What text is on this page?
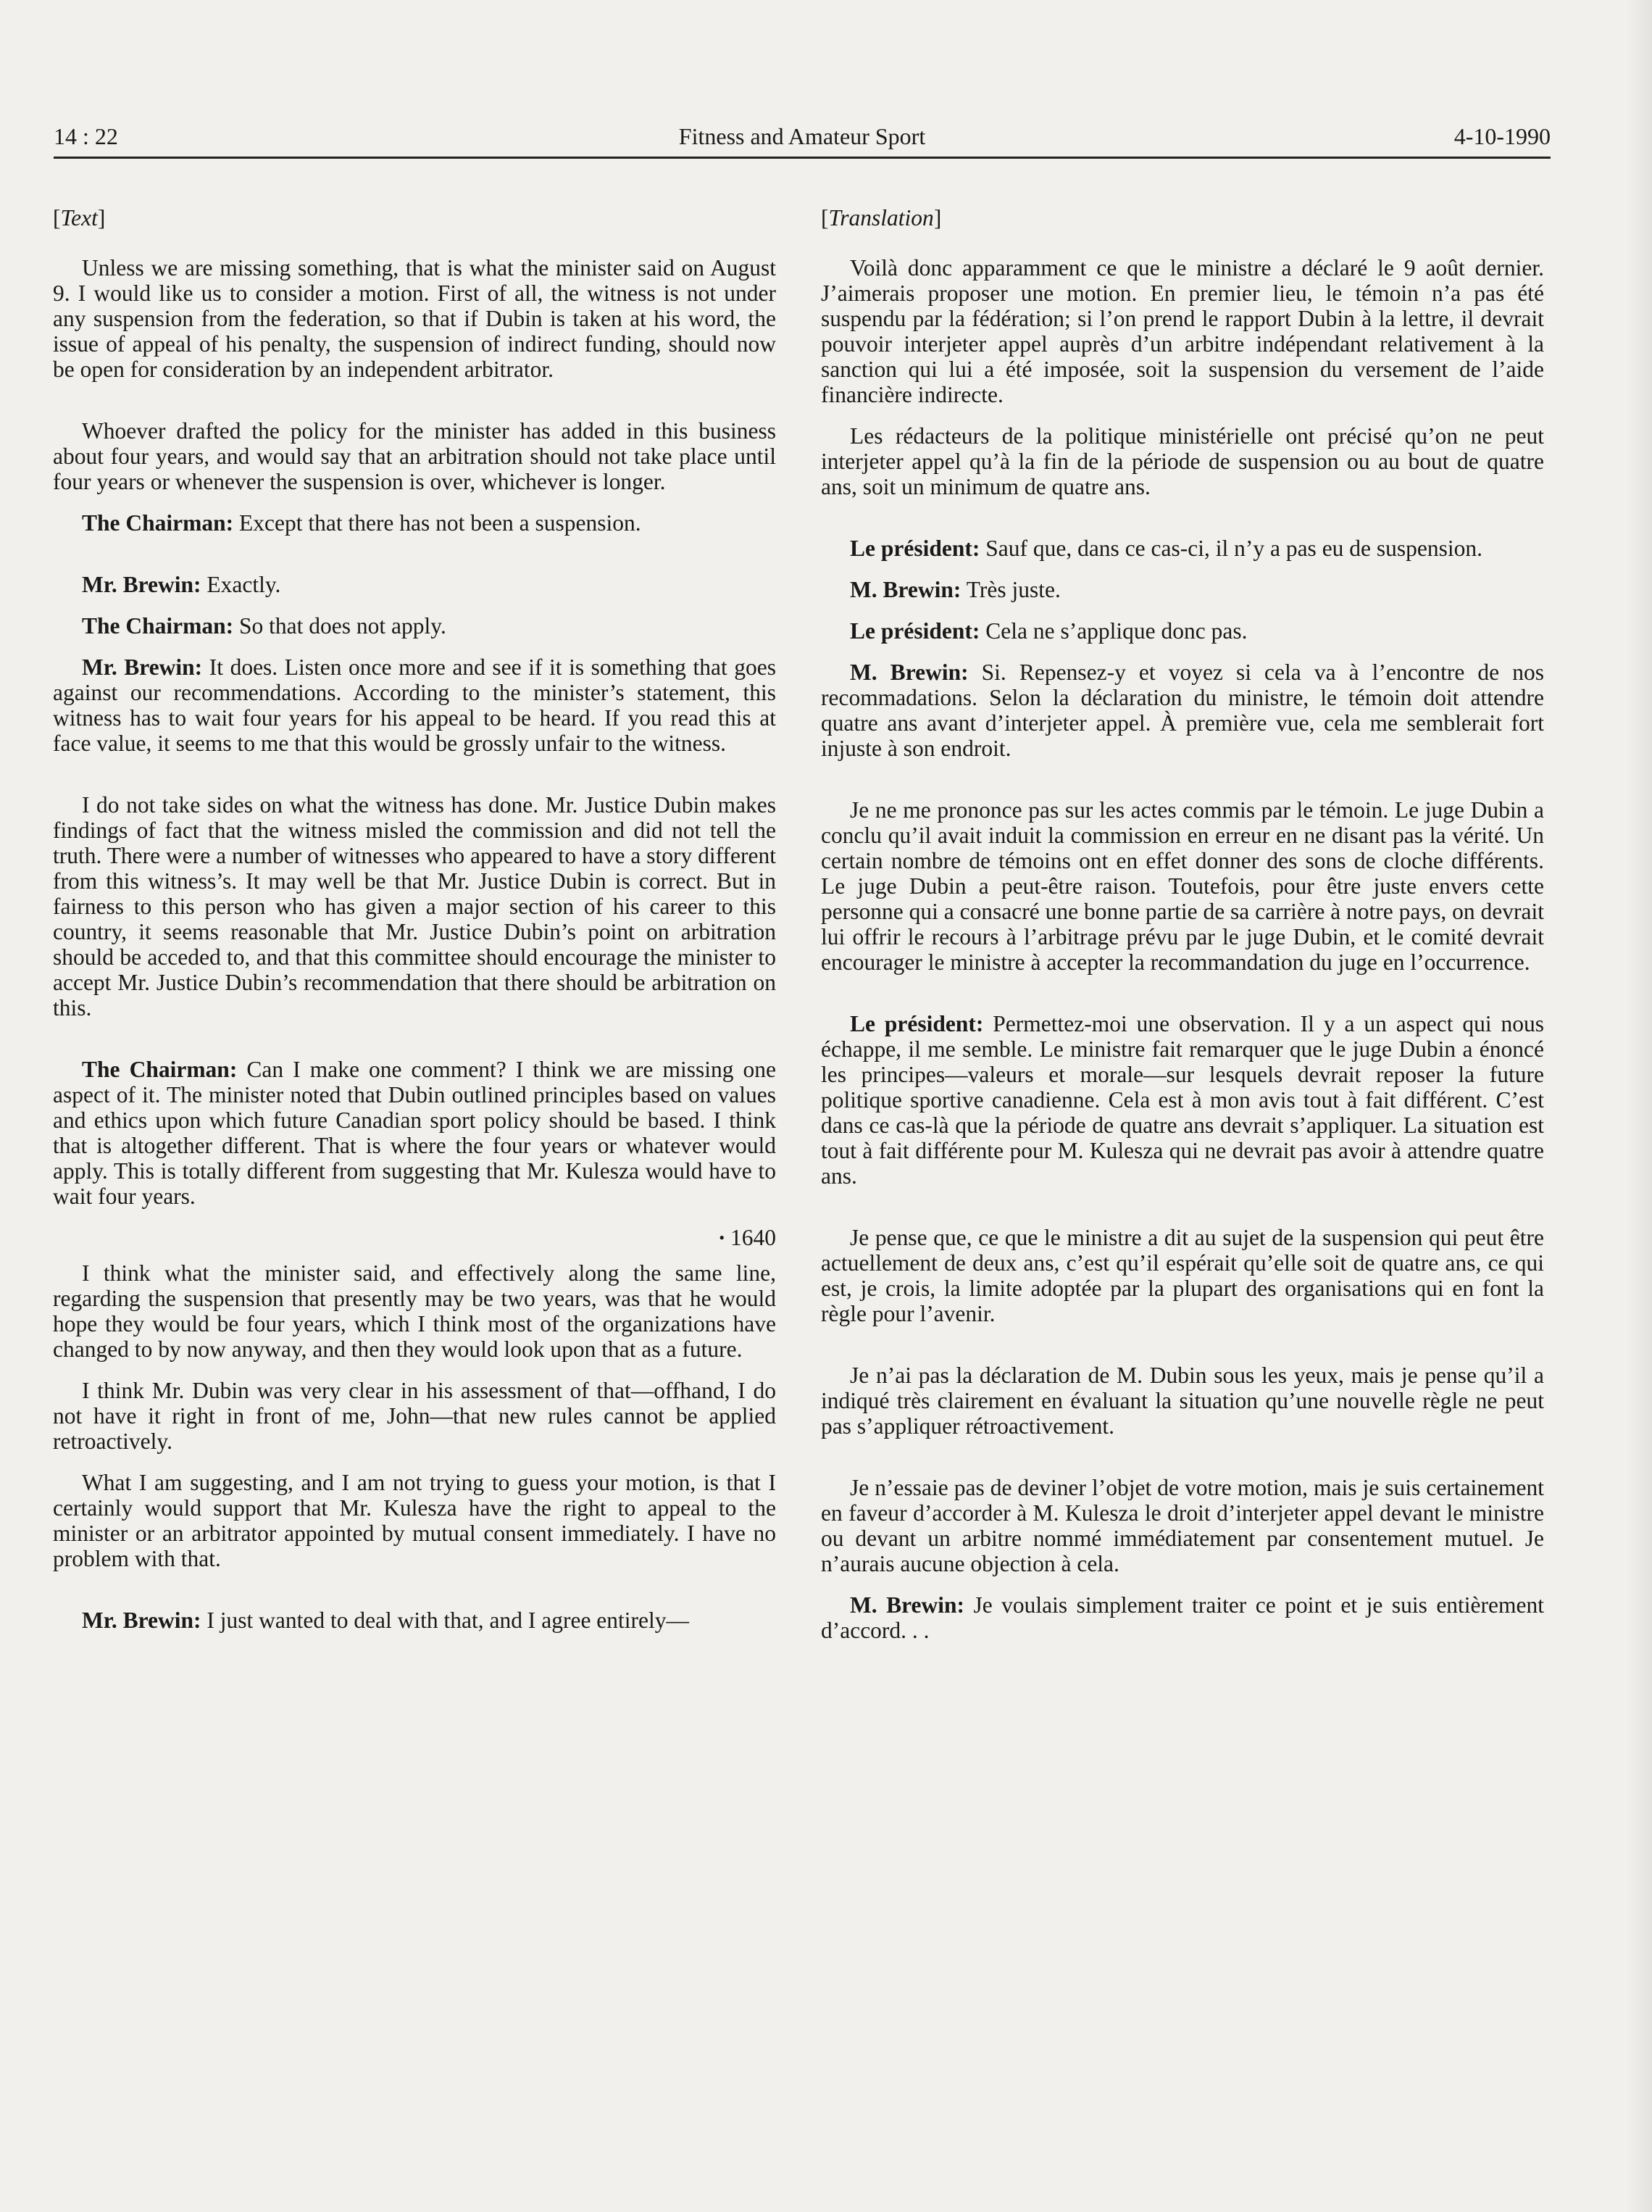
14 : 22	Fitness and Amateur Sport	4-10-1990
[Text]

Unless we are missing something, that is what the minister said on August 9. I would like us to consider a motion. First of all, the witness is not under any suspension from the federation, so that if Dubin is taken at his word, the issue of appeal of his penalty, the suspension of indirect funding, should now be open for consideration by an independent arbitrator.

Whoever drafted the policy for the minister has added in this business about four years, and would say that an arbitration should not take place until four years or whenever the suspension is over, whichever is longer.

The Chairman: Except that there has not been a suspension.

Mr. Brewin: Exactly.

The Chairman: So that does not apply.

Mr. Brewin: It does. Listen once more and see if it is something that goes against our recommendations. According to the minister’s statement, this witness has to wait four years for his appeal to be heard. If you read this at face value, it seems to me that this would be grossly unfair to the witness.

I do not take sides on what the witness has done. Mr. Justice Dubin makes findings of fact that the witness misled the commission and did not tell the truth. There were a number of witnesses who appeared to have a story different from this witness’s. It may well be that Mr. Justice Dubin is correct. But in fairness to this person who has given a major section of his career to this country, it seems reasonable that Mr. Justice Dubin’s point on arbitration should be acceded to, and that this committee should encourage the minister to accept Mr. Justice Dubin’s recommendation that there should be arbitration on this.

The Chairman: Can I make one comment? I think we are missing one aspect of it. The minister noted that Dubin outlined principles based on values and ethics upon which future Canadian sport policy should be based. I think that is altogether different. That is where the four years or whatever would apply. This is totally different from suggesting that Mr. Kulesza would have to wait four years.

• 1640

I think what the minister said, and effectively along the same line, regarding the suspension that presently may be two years, was that he would hope they would be four years, which I think most of the organizations have changed to by now anyway, and then they would look upon that as a future.

I think Mr. Dubin was very clear in his assessment of that—offhand, I do not have it right in front of me, John—that new rules cannot be applied retroactively.

What I am suggesting, and I am not trying to guess your motion, is that I certainly would support that Mr. Kulesza have the right to appeal to the minister or an arbitrator appointed by mutual consent immediately. I have no problem with that.

Mr. Brewin: I just wanted to deal with that, and I agree entirely—

[Translation]

Voilà donc apparamment ce que le ministre a déclaré le 9 août dernier. J’aimerais proposer une motion. En premier lieu, le témoin n’a pas été suspendu par la fédération; si l’on prend le rapport Dubin à la lettre, il devrait pouvoir interjeter appel auprès d’un arbitre indépendant relativement à la sanction qui lui a été imposée, soit la suspension du versement de l’aide financière indirecte.

Les rédacteurs de la politique ministérielle ont précisé qu’on ne peut interjeter appel qu’à la fin de la période de suspension ou au bout de quatre ans, soit un minimum de quatre ans.

Le président: Sauf que, dans ce cas-ci, il n’y a pas eu de suspension.

M. Brewin: Très juste.

Le président: Cela ne s’applique donc pas.

M. Brewin: Si. Repensez-y et voyez si cela va à l’encontre de nos recommadations. Selon la déclaration du ministre, le témoin doit attendre quatre ans avant d’interjeter appel. À première vue, cela me semblerait fort injuste à son endroit.

Je ne me prononce pas sur les actes commis par le témoin. Le juge Dubin a conclu qu’il avait induit la commission en erreur en ne disant pas la vérité. Un certain nombre de témoins ont en effet donner des sons de cloche différents. Le juge Dubin a peut-être raison. Toutefois, pour être juste envers cette personne qui a consacré une bonne partie de sa carrière à notre pays, on devrait lui offrir le recours à l’arbitrage prévu par le juge Dubin, et le comité devrait encourager le ministre à accepter la recommandation du juge en l’occurrence.

Le président: Permettez-moi une observation. Il y a un aspect qui nous échappe, il me semble. Le ministre fait remarquer que le juge Dubin a énoncé les principes—valeurs et morale—sur lesquels devrait reposer la future politique sportive canadienne. Cela est à mon avis tout à fait différent. C’est dans ce cas-là que la période de quatre ans devrait s’appliquer. La situation est tout à fait différente pour M. Kulesza qui ne devrait pas avoir à attendre quatre ans.

Je pense que, ce que le ministre a dit au sujet de la suspension qui peut être actuellement de deux ans, c’est qu’il espérait qu’elle soit de quatre ans, ce qui est, je crois, la limite adoptée par la plupart des organisations qui en font la règle pour l’avenir.

Je n’ai pas la déclaration de M. Dubin sous les yeux, mais je pense qu’il a indiqué très clairement en évaluant la situation qu’une nouvelle règle ne peut pas s’appliquer rétroactivement.

Je n’essaie pas de deviner l’objet de votre motion, mais je suis certainement en faveur d’accorder à M. Kulesza le droit d’interjeter appel devant le ministre ou devant un arbitre nommé immédiatement par consentement mutuel. Je n’aurais aucune objection à cela.

M. Brewin: Je voulais simplement traiter ce point et je suis entièrement d’accord. . .
